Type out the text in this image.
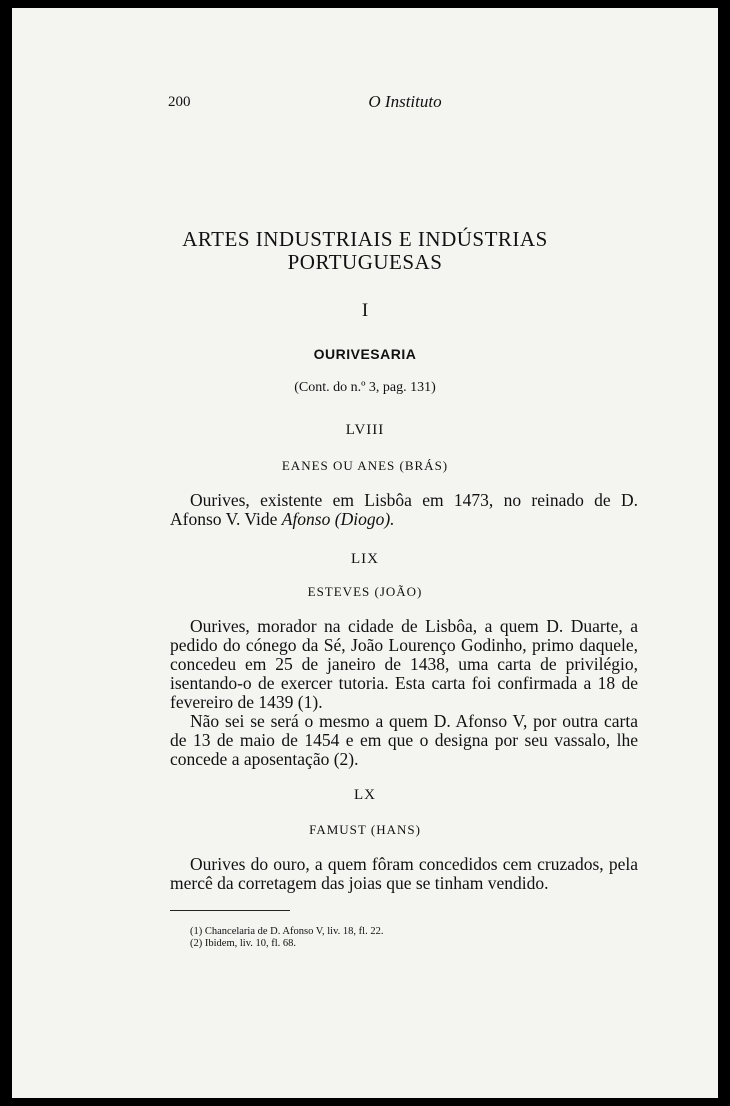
200	O Instituto
ARTES INDUSTRIAIS E INDÚSTRIAS
PORTUGUESAS
I
OURIVESARIA
(Cont. do n.º 3, pag. 131)
LVIII
EANES OU ANES (BRÁS)

Ourives, existente em Lisbôa em 1473, no reinado de D. Afonso V. Vide Afonso (Diogo).

LIX
ESTEVES (JOÃO)

Ourives, morador na cidade de Lisbôa, a quem D. Duarte, a pedido do cónego da Sé, João Lourenço Godinho, primo daquele, concedeu em 25 de janeiro de 1438, uma carta de privilégio, isentando-o de exercer tutoria. Esta carta foi confirmada a 18 de fevereiro de 1439 (1).

Não sei se será o mesmo a quem D. Afonso V, por outra carta de 13 de maio de 1454 e em que o designa por seu vassalo, lhe concede a aposentação (2).

LX
FAMUST (HANS)

Ourives do ouro, a quem fôram concedidos cem cruzados, pela mercê da corretagem das joias que se tinham vendido.

(1) Chancelaria de D. Afonso V, liv. 18, fl. 22.
(2) Ibidem, liv. 10, fl. 68.
